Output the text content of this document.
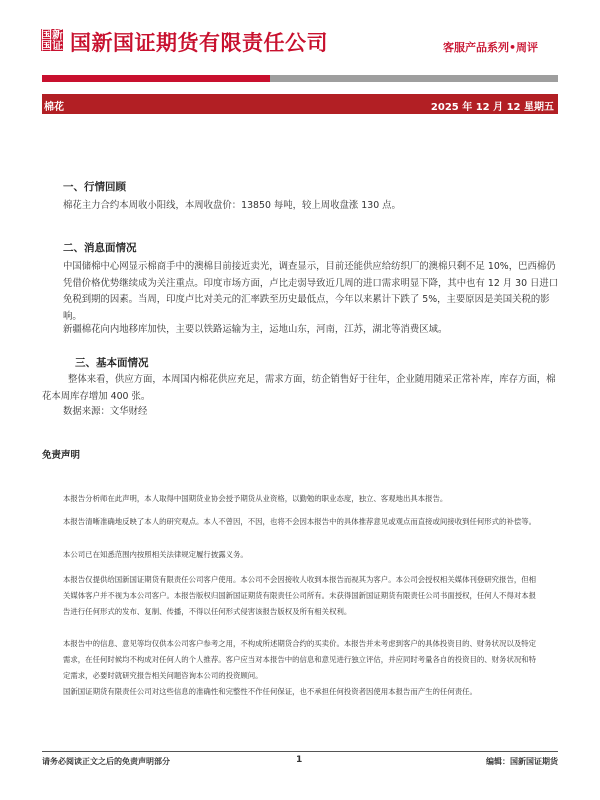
国新
国证 国新国证期货有限责任公司	客服产品系列•周评
棉花	2025 年 12 月 12 星期五
一、行情回顾
棉花主力合约本周收小阳线，本周收盘价：13850 每吨，较上周收盘涨 130 点。
二、消息面情况
中国储棉中心网显示棉商手中的澳棉目前接近卖光，调查显示，目前还能供应给纺织厂的澳棉只剩不足 10%，巴西棉仍凭借价格优势继续成为关注重点。印度市场方面，卢比走弱导致近几周的进口需求明显下降，其中也有 12 月 30 日进口免税到期的因素。当周，印度卢比对美元的汇率跌至历史最低点，今年以来累计下跌了 5%，主要原因是美国关税的影响。
新疆棉花向内地移库加快，主要以铁路运输为主，运地山东，河南，江苏，湖北等消费区域。
三、基本面情况
整体来看，供应方面，本周国内棉花供应充足，需求方面，纺企销售好于往年，企业随用随采正常补库，库存方面，棉花本周库存增加 400 张。
数据来源：文华财经
免责声明
本报告分析师在此声明，本人取得中国期货业协会授予期货从业资格，以勤勉的职业态度，独立、客观地出具本报告。
本报告清晰准确地反映了本人的研究观点。本人不曾因，不因，也将不会因本报告中的具体推荐意见或观点而直接或间接收到任何形式的补偿等。
本公司已在知悉范围内按照相关法律规定履行披露义务。
本报告仅提供给国新国证期货有限责任公司客户使用。本公司不会因接收人收到本报告而视其为客户。本公司会授权相关媒体刊登研究报告，但相关媒体客户并不视为本公司客户。本报告版权归国新国证期货有限责任公司所有。未获得国新国证期货有限责任公司书面授权，任何人不得对本报告进行任何形式的发布、复制、传播，不得以任何形式侵害该报告版权及所有相关权利。
本报告中的信息、意见等均仅供本公司客户参考之用，不构成所述期货合约的买卖价。本报告并未考虑到客户的具体投资目的、财务状况以及特定需求，在任何时候均不构成对任何人的个人推荐。客户应当对本报告中的信息和意见进行独立评估，并应同时考量各自的投资目的、财务状况和特定需求，必要时就研究报告相关问题咨询本公司的投资顾问。
国新国证期货有限责任公司对这些信息的准确性和完整性不作任何保证，也不承担任何投资者因使用本报告而产生的任何责任。
请务必阅读正文之后的免责声明部分	1	编辑：国新国证期货
